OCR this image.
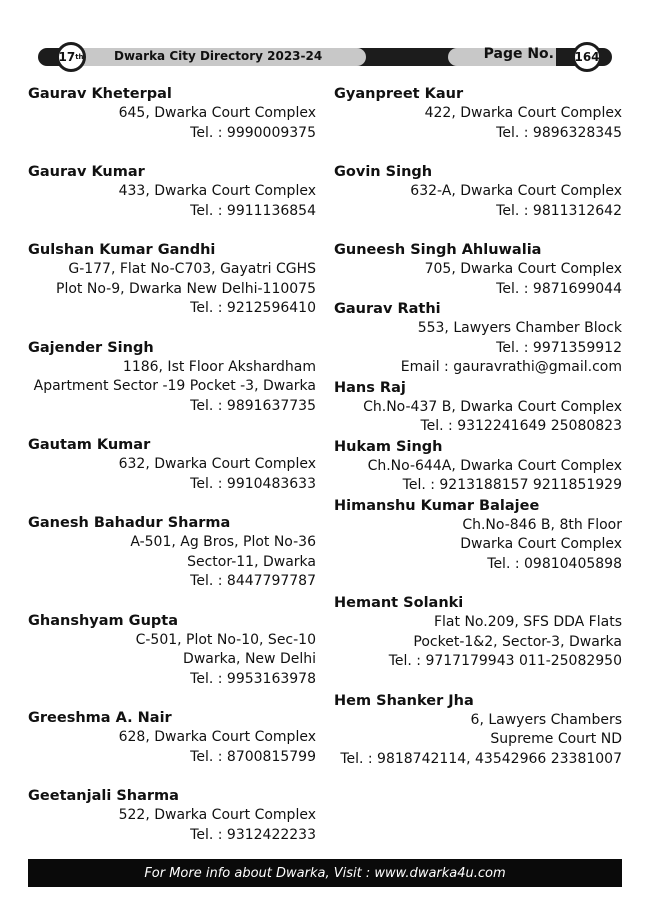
17 th	Dwarka City Directory 2023-24	Page No. 164
Gaurav Kheterpal
645, Dwarka Court Complex
Tel. : 9990009375
Gaurav Kumar
433, Dwarka Court Complex
Tel. : 9911136854
Gulshan Kumar Gandhi
G-177, Flat No-C703, Gayatri CGHS
Plot No-9, Dwarka New Delhi-110075
Tel. : 9212596410
Gajender Singh
1186, Ist Floor Akshardham
Apartment Sector -19 Pocket -3, Dwarka
Tel. : 9891637735
Gautam Kumar
632, Dwarka Court Complex
Tel. : 9910483633
Ganesh Bahadur Sharma
A-501, Ag Bros, Plot No-36
Sector-11, Dwarka
Tel. : 8447797787
Ghanshyam Gupta
C-501, Plot No-10, Sec-10
Dwarka, New Delhi
Tel. : 9953163978
Greeshma A. Nair
628, Dwarka Court Complex
Tel. : 8700815799
Geetanjali Sharma
522, Dwarka Court Complex
Tel. : 9312422233
Gyanpreet Kaur
422, Dwarka Court Complex
Tel. : 9896328345
Govin Singh
632-A, Dwarka Court Complex
Tel. : 9811312642
Guneesh Singh Ahluwalia
705, Dwarka Court Complex
Tel. : 9871699044
Gaurav Rathi
553, Lawyers Chamber Block
Tel. : 9971359912
Email : gauravrathi@gmail.com
Hans Raj
Ch.No-437 B, Dwarka Court Complex
Tel. : 9312241649 25080823
Hukam Singh
Ch.No-644A, Dwarka Court Complex
Tel. : 9213188157 9211851929
Himanshu Kumar Balajee
Ch.No-846 B, 8th Floor
Dwarka Court Complex
Tel. : 09810405898
Hemant Solanki
Flat No.209, SFS DDA Flats
Pocket-1&2, Sector-3, Dwarka
Tel. : 9717179943 011-25082950
Hem Shanker Jha
6, Lawyers Chambers
Supreme Court ND
Tel. : 9818742114, 43542966 23381007
For More info about Dwarka, Visit : www.dwarka4u.com
